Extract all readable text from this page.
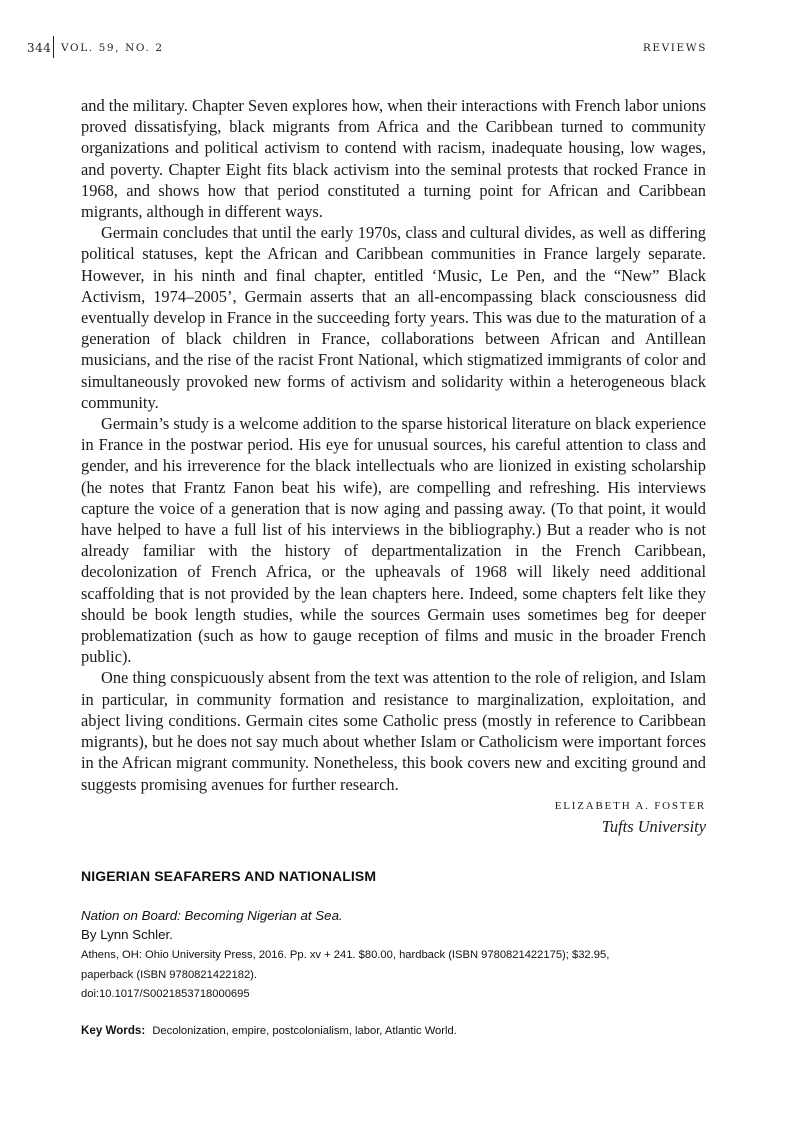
344 VOL. 59, NO. 2	REVIEWS

and the military. Chapter Seven explores how, when their interactions with French labor unions proved dissatisfying, black migrants from Africa and the Caribbean turned to community organizations and political activism to contend with racism, inadequate housing, low wages, and poverty. Chapter Eight fits black activism into the seminal protests that rocked France in 1968, and shows how that period constituted a turning point for African and Caribbean migrants, although in different ways.

Germain concludes that until the early 1970s, class and cultural divides, as well as differing political statuses, kept the African and Caribbean communities in France largely separate. However, in his ninth and final chapter, entitled ‘Music, Le Pen, and the “New” Black Activism, 1974–2005’, Germain asserts that an all-encompassing black consciousness did eventually develop in France in the succeeding forty years. This was due to the maturation of a generation of black children in France, collaborations between African and Antillean musicians, and the rise of the racist Front National, which stigmatized immigrants of color and simultaneously provoked new forms of activism and solidarity within a heterogeneous black community.

Germain’s study is a welcome addition to the sparse historical literature on black experience in France in the postwar period. His eye for unusual sources, his careful attention to class and gender, and his irreverence for the black intellectuals who are lionized in existing scholarship (he notes that Frantz Fanon beat his wife), are compelling and refreshing. His interviews capture the voice of a generation that is now aging and passing away. (To that point, it would have helped to have a full list of his interviews in the bibliography.) But a reader who is not already familiar with the history of departmentalization in the French Caribbean, decolonization of French Africa, or the upheavals of 1968 will likely need additional scaffolding that is not provided by the lean chapters here. Indeed, some chapters felt like they should be book length studies, while the sources Germain uses sometimes beg for deeper problematization (such as how to gauge reception of films and music in the broader French public).

One thing conspicuously absent from the text was attention to the role of religion, and Islam in particular, in community formation and resistance to marginalization, exploitation, and abject living conditions. Germain cites some Catholic press (mostly in reference to Caribbean migrants), but he does not say much about whether Islam or Catholicism were important forces in the African migrant community. Nonetheless, this book covers new and exciting ground and suggests promising avenues for further research.

ELIZABETH A. FOSTER
Tufts University
NIGERIAN SEAFARERS AND NATIONALISM

Nation on Board: Becoming Nigerian at Sea.

By Lynn Schler.

Athens, OH: Ohio University Press, 2016. Pp. xv + 241. $80.00, hardback (ISBN 9780821422175); $32.95,

paperback (ISBN 9780821422182).

doi:10.1017/S0021853718000695

Key Words: Decolonization, empire, postcolonialism, labor, Atlantic World.
